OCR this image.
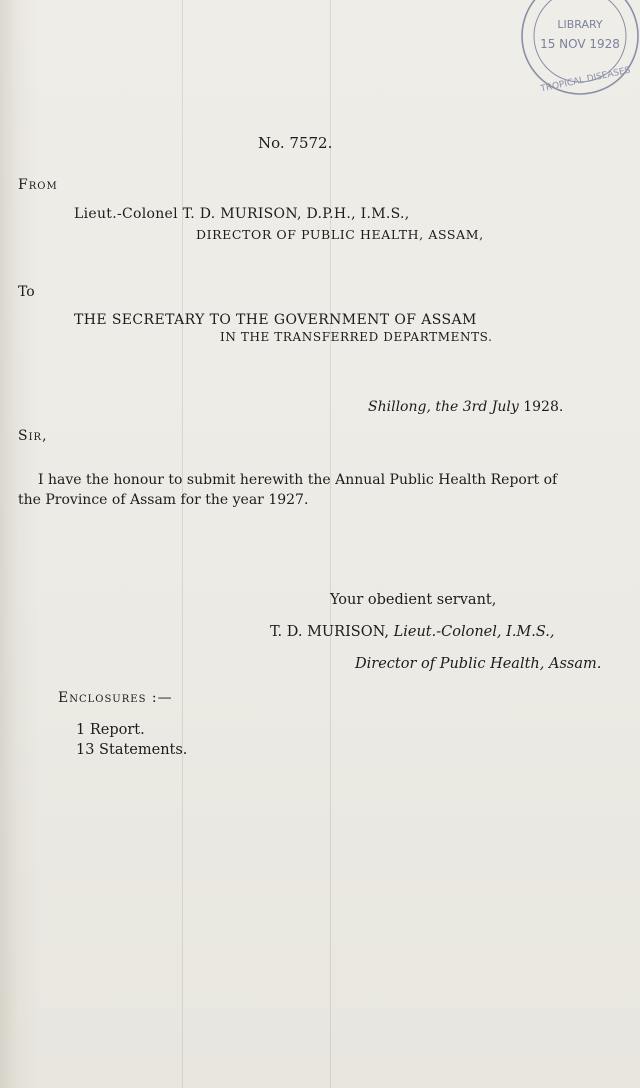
LIBRARY
15 NOV 1928
TROPICAL DISEASES
No. 7572.
From
Lieut.-Colonel T. D. MURISON, D.P.H., I.M.S.,
DIRECTOR OF PUBLIC HEALTH, ASSAM,
To
THE SECRETARY TO THE GOVERNMENT OF ASSAM
IN THE TRANSFERRED DEPARTMENTS.
Shillong, the 3rd July 1928.
Sir,
I have the honour to submit herewith the Annual Public Health Report of
the Province of Assam for the year 1927.
Your obedient servant,
T. D. MURISON, Lieut.-Colonel, I.M.S.,
Director of Public Health, Assam.
Enclosures :—
1 Report.
13 Statements.
